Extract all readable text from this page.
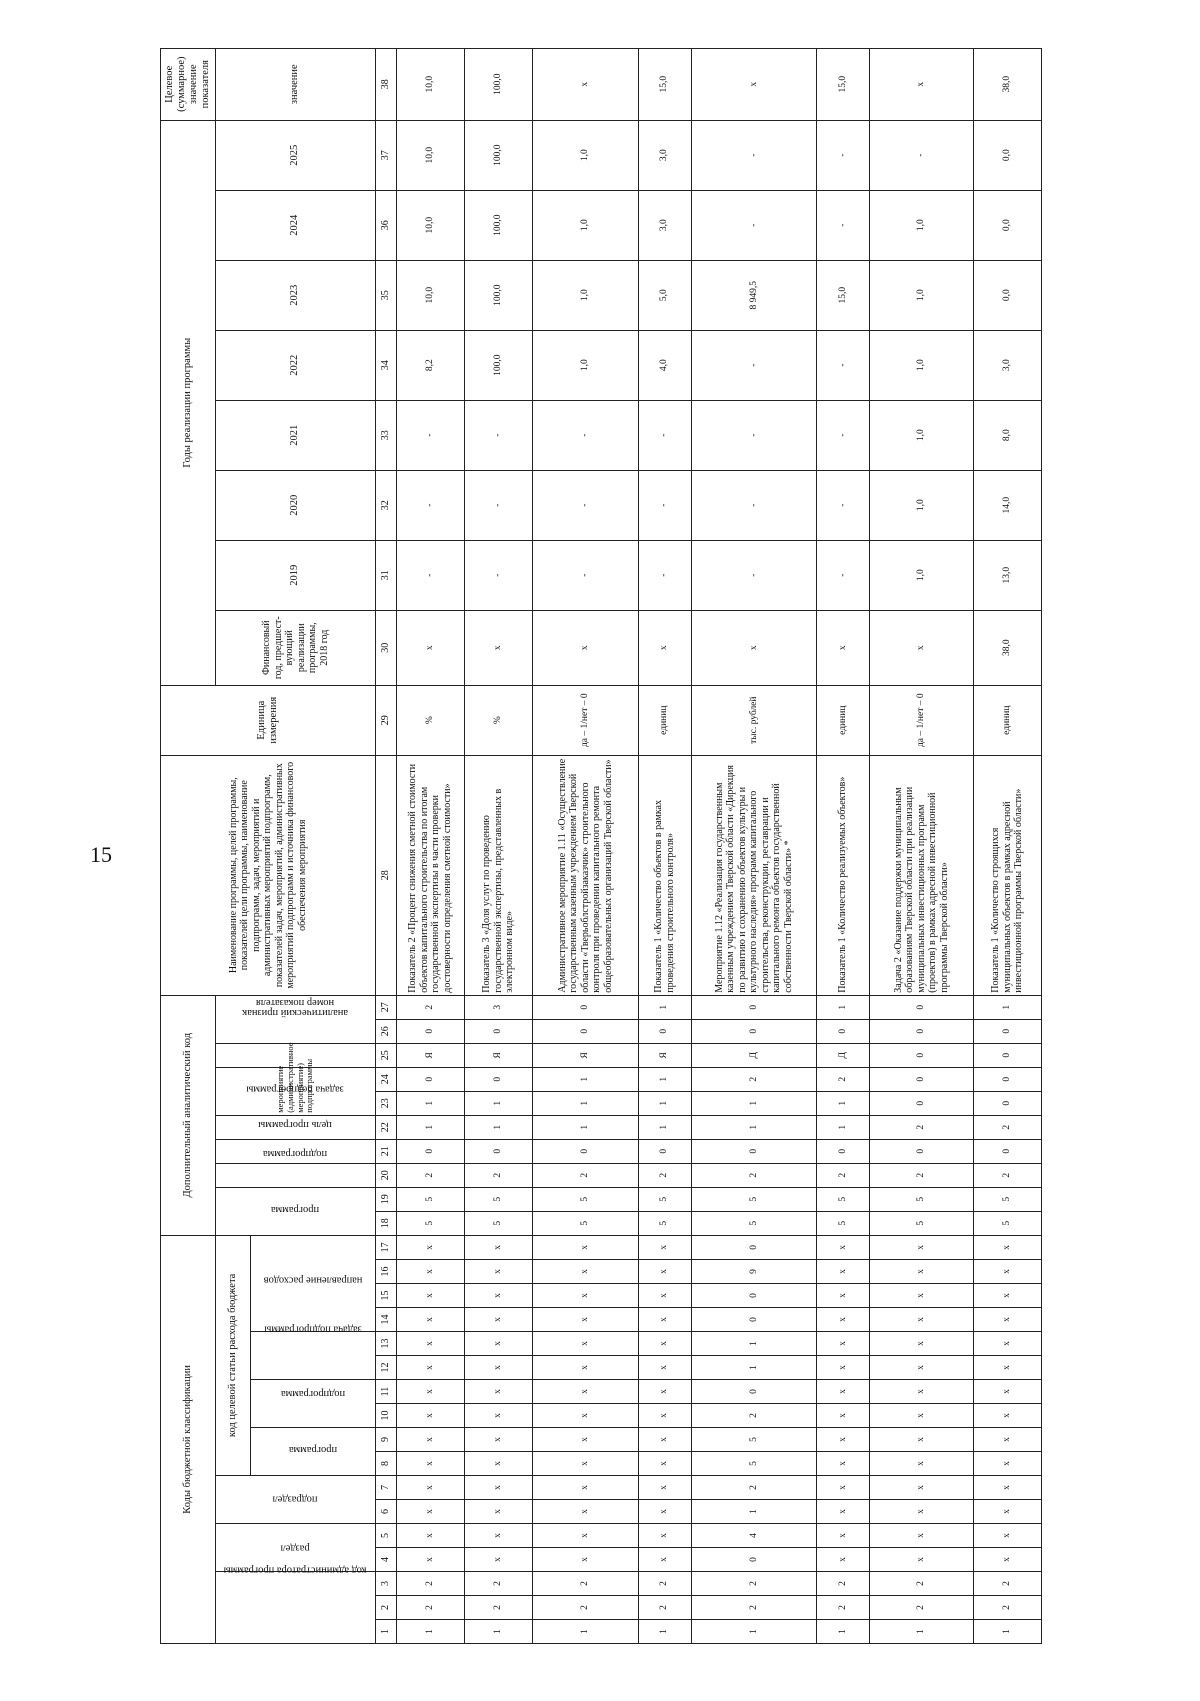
15
Коды бюджетной классификации																	Дополнительный аналитический код										Наименование программы, целей программы, показателей цели программы, наименование подпрограмм, задач, мероприятий и административных мероприятий подпрограмм, показателей задач, мероприятий, административных мероприятий подпрограмм и источника финансового обеспечения мероприятия	Единица измерения	Годы реализации программы								Целевое (суммарное) значение показателя
код администратора программы			раздел		подраздел		код целевой статьи расхода бюджета										программа		подпрограмма	цель программы	задача подпрограммы	мероприятие (административное мероприятие) подпрограммы		аналитический признак	номер показателя				Финансовый год, предшест-вующий реализации программы, 2018 год	2019	2020	2021	2022	2023	2024	2025	значение
							программа		подпрограмма		задача подпрограммы		направление расходов																								
1	2	3	4	5	6	7	8	9	10	11	12	13	14	15	16	17	18	19	20	21	22	23	24	25	26	27	28	29	30	31	32	33	34	35	36	37	38
1	2	2	х	х	х	х	х	х	х	х	х	х	х	х	х	х	5	5	2	0	1	1	0	Я	0	2	Показатель 2 «Процент снижения сметной стоимости объектов капитального строительства по итогам государственной экспертизы в части проверки достоверности определения сметной стоимости»	%	х	-	-	-	8,2	10,0	10,0	10,0	10,0
1	2	2	х	х	х	х	х	х	х	х	х	х	х	х	х	х	5	5	2	0	1	1	0	Я	0	3	Показатель 3 «Доля услуг по проведению государственной экспертизы, представленных в электронном виде»	%	х	-	-	-	100,0	100,0	100,0	100,0	100,0
1	2	2	х	х	х	х	х	х	х	х	х	х	х	х	х	х	5	5	2	0	1	1	1	Я	0	0	Административное мероприятие 1.11 «Осуществление государственным казенным учреждением Тверской области «Тверьоблстройзаказчик» строительного контроля при проведении капитального ремонта общеобразовательных организаций Тверской области»	да – 1/нет – 0	х	-	-	-	1,0	1,0	1,0	1,0	х
1	2	2	х	х	х	х	х	х	х	х	х	х	х	х	х	х	5	5	2	0	1	1	1	Я	0	1	Показатель 1 «Количество объектов в рамках проведения строительного контроля»	единиц	х	-	-	-	4,0	5,0	3,0	3,0	15,0
1	2	2	0	4	1	2	5	5	2	0	1	1	0	0	9	0	5	5	2	0	1	1	2	Д	0	0	Мероприятие 1.12 «Реализация государственным казенным учреждением Тверской области «Дирекция по развитию и сохранению объектов культуры и культурного наследия» программ капитального строительства, реконструкции, реставрации и капитального ремонта объектов государственной собственности Тверской области» *	тыс. рублей	х	-	-	-	-	8 949,5	-	-	х
1	2	2	х	х	х	х	х	х	х	х	х	х	х	х	х	х	5	5	2	0	1	1	2	Д	0	1	Показатель 1 «Количество реализуемых объектов»	единиц	х	-	-	-	-	15,0	-	-	15,0
1	2	2	х	х	х	х	х	х	х	х	х	х	х	х	х	х	5	5	2	0	2	0	0	0	0	0	Задача 2 «Оказание поддержки муниципальным образованиям Тверской области при реализации муниципальных инвестиционных программ (проектов) в рамках адресной инвестиционной программы Тверской области»	да – 1/нет – 0	х	1,0	1,0	1,0	1,0	1,0	1,0	-	х
1	2	2	х	х	х	х	х	х	х	х	х	х	х	х	х	х	5	5	2	0	2	0	0	0	0	1	Показатель 1 «Количество строящихся муниципальных объектов в рамках адресной инвестиционной программы Тверской области»	единиц	38,0	13,0	14,0	8,0	3,0	0,0	0,0	0,0	38,0
